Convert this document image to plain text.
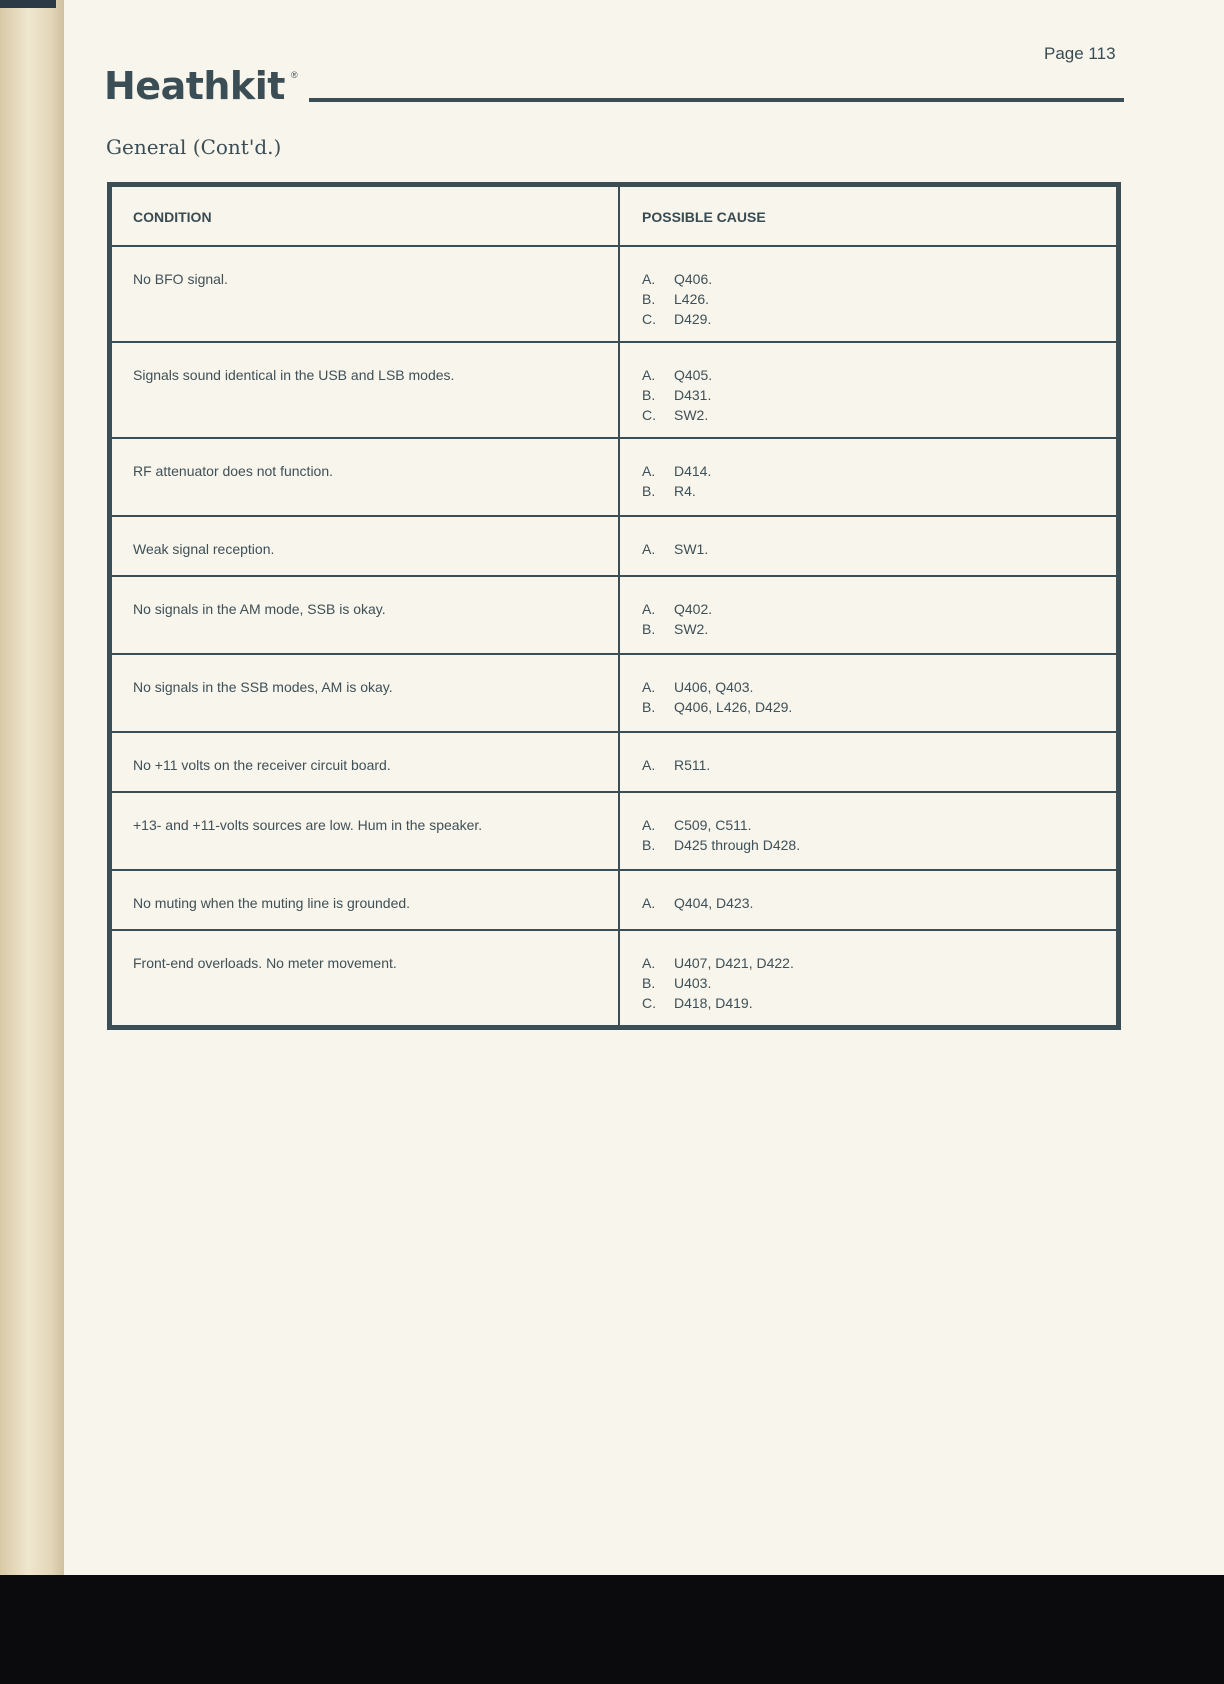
Page 113
Heathkit ®
General (Cont'd.)
CONDITION	POSSIBLE CAUSE
No BFO signal.	A. Q406.
B. L426.
C. D429.

Signals sound identical in the USB and LSB modes.	A. Q405.
B. D431.
C. SW2.

RF attenuator does not function.	A. D414.
B. R4.

Weak signal reception.	A. SW1.

No signals in the AM mode, SSB is okay.	A. Q402.
B. SW2.

No signals in the SSB modes, AM is okay.	A. U406, Q403.
B. Q406, L426, D429.

No +11 volts on the receiver circuit board.	A. R511.

+13- and +11-volts sources are low. Hum in the speaker.	A. C509, C511.
B. D425 through D428.

No muting when the muting line is grounded.	A. Q404, D423.

Front-end overloads. No meter movement.	A. U407, D421, D422.
B. U403.
C. D418, D419.
